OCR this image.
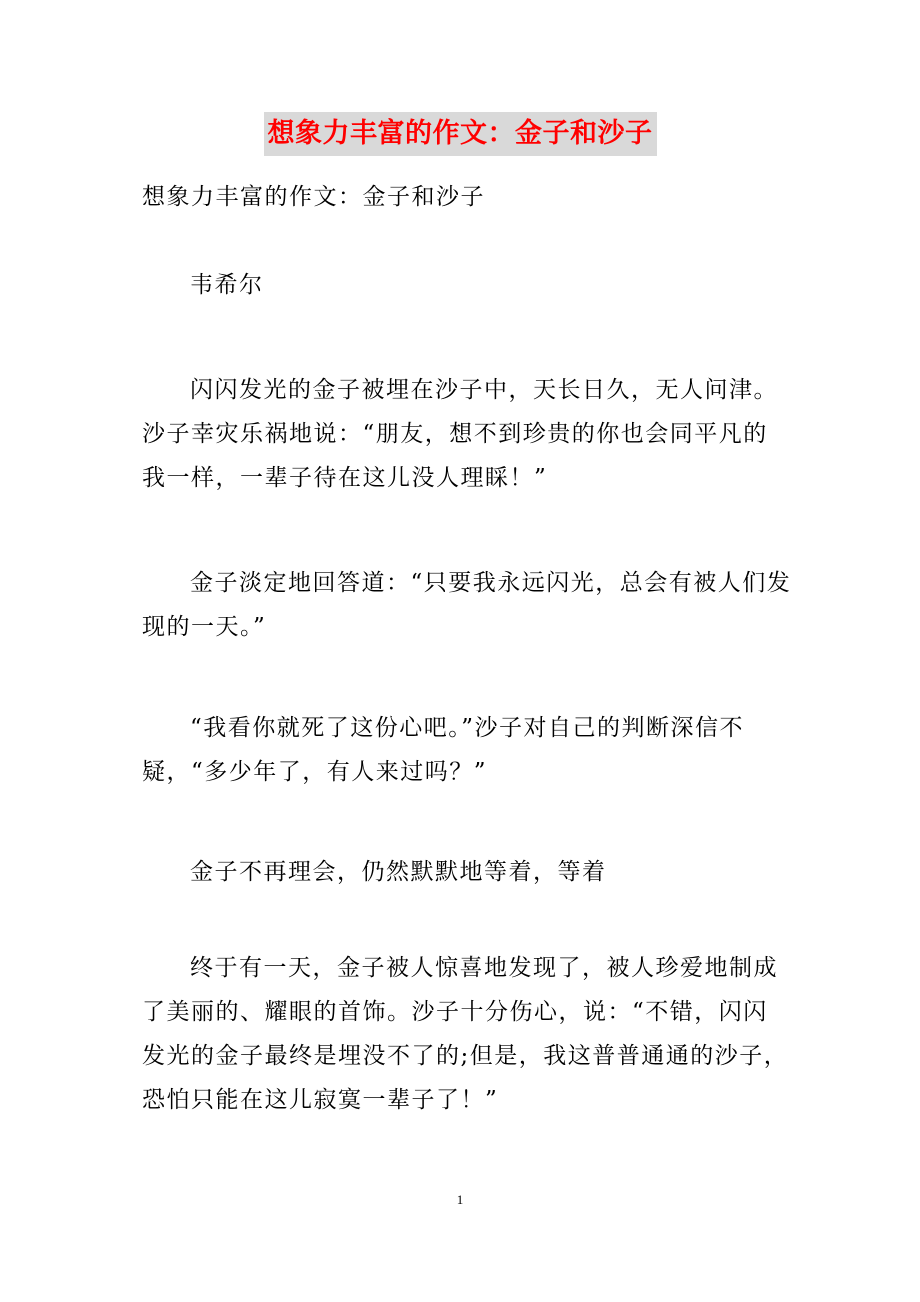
想象力丰富的作文：金子和沙子

想象力丰富的作文：金子和沙子

韦希尔

闪闪发光的金子被埋在沙子中，天长日久，无人问津。沙子幸灾乐祸地说：“朋友，想不到珍贵的你也会同平凡的我一样，一辈子待在这儿没人理睬！”

金子淡定地回答道：“只要我永远闪光，总会有被人们发现的一天。”

“我看你就死了这份心吧。”沙子对自己的判断深信不疑，“多少年了，有人来过吗？”

金子不再理会，仍然默默地等着，等着

终于有一天，金子被人惊喜地发现了，被人珍爱地制成了美丽的、耀眼的首饰。沙子十分伤心，说：“不错，闪闪发光的金子最终是埋没不了的;但是，我这普普通通的沙子，恐怕只能在这儿寂寞一辈子了！”

1
